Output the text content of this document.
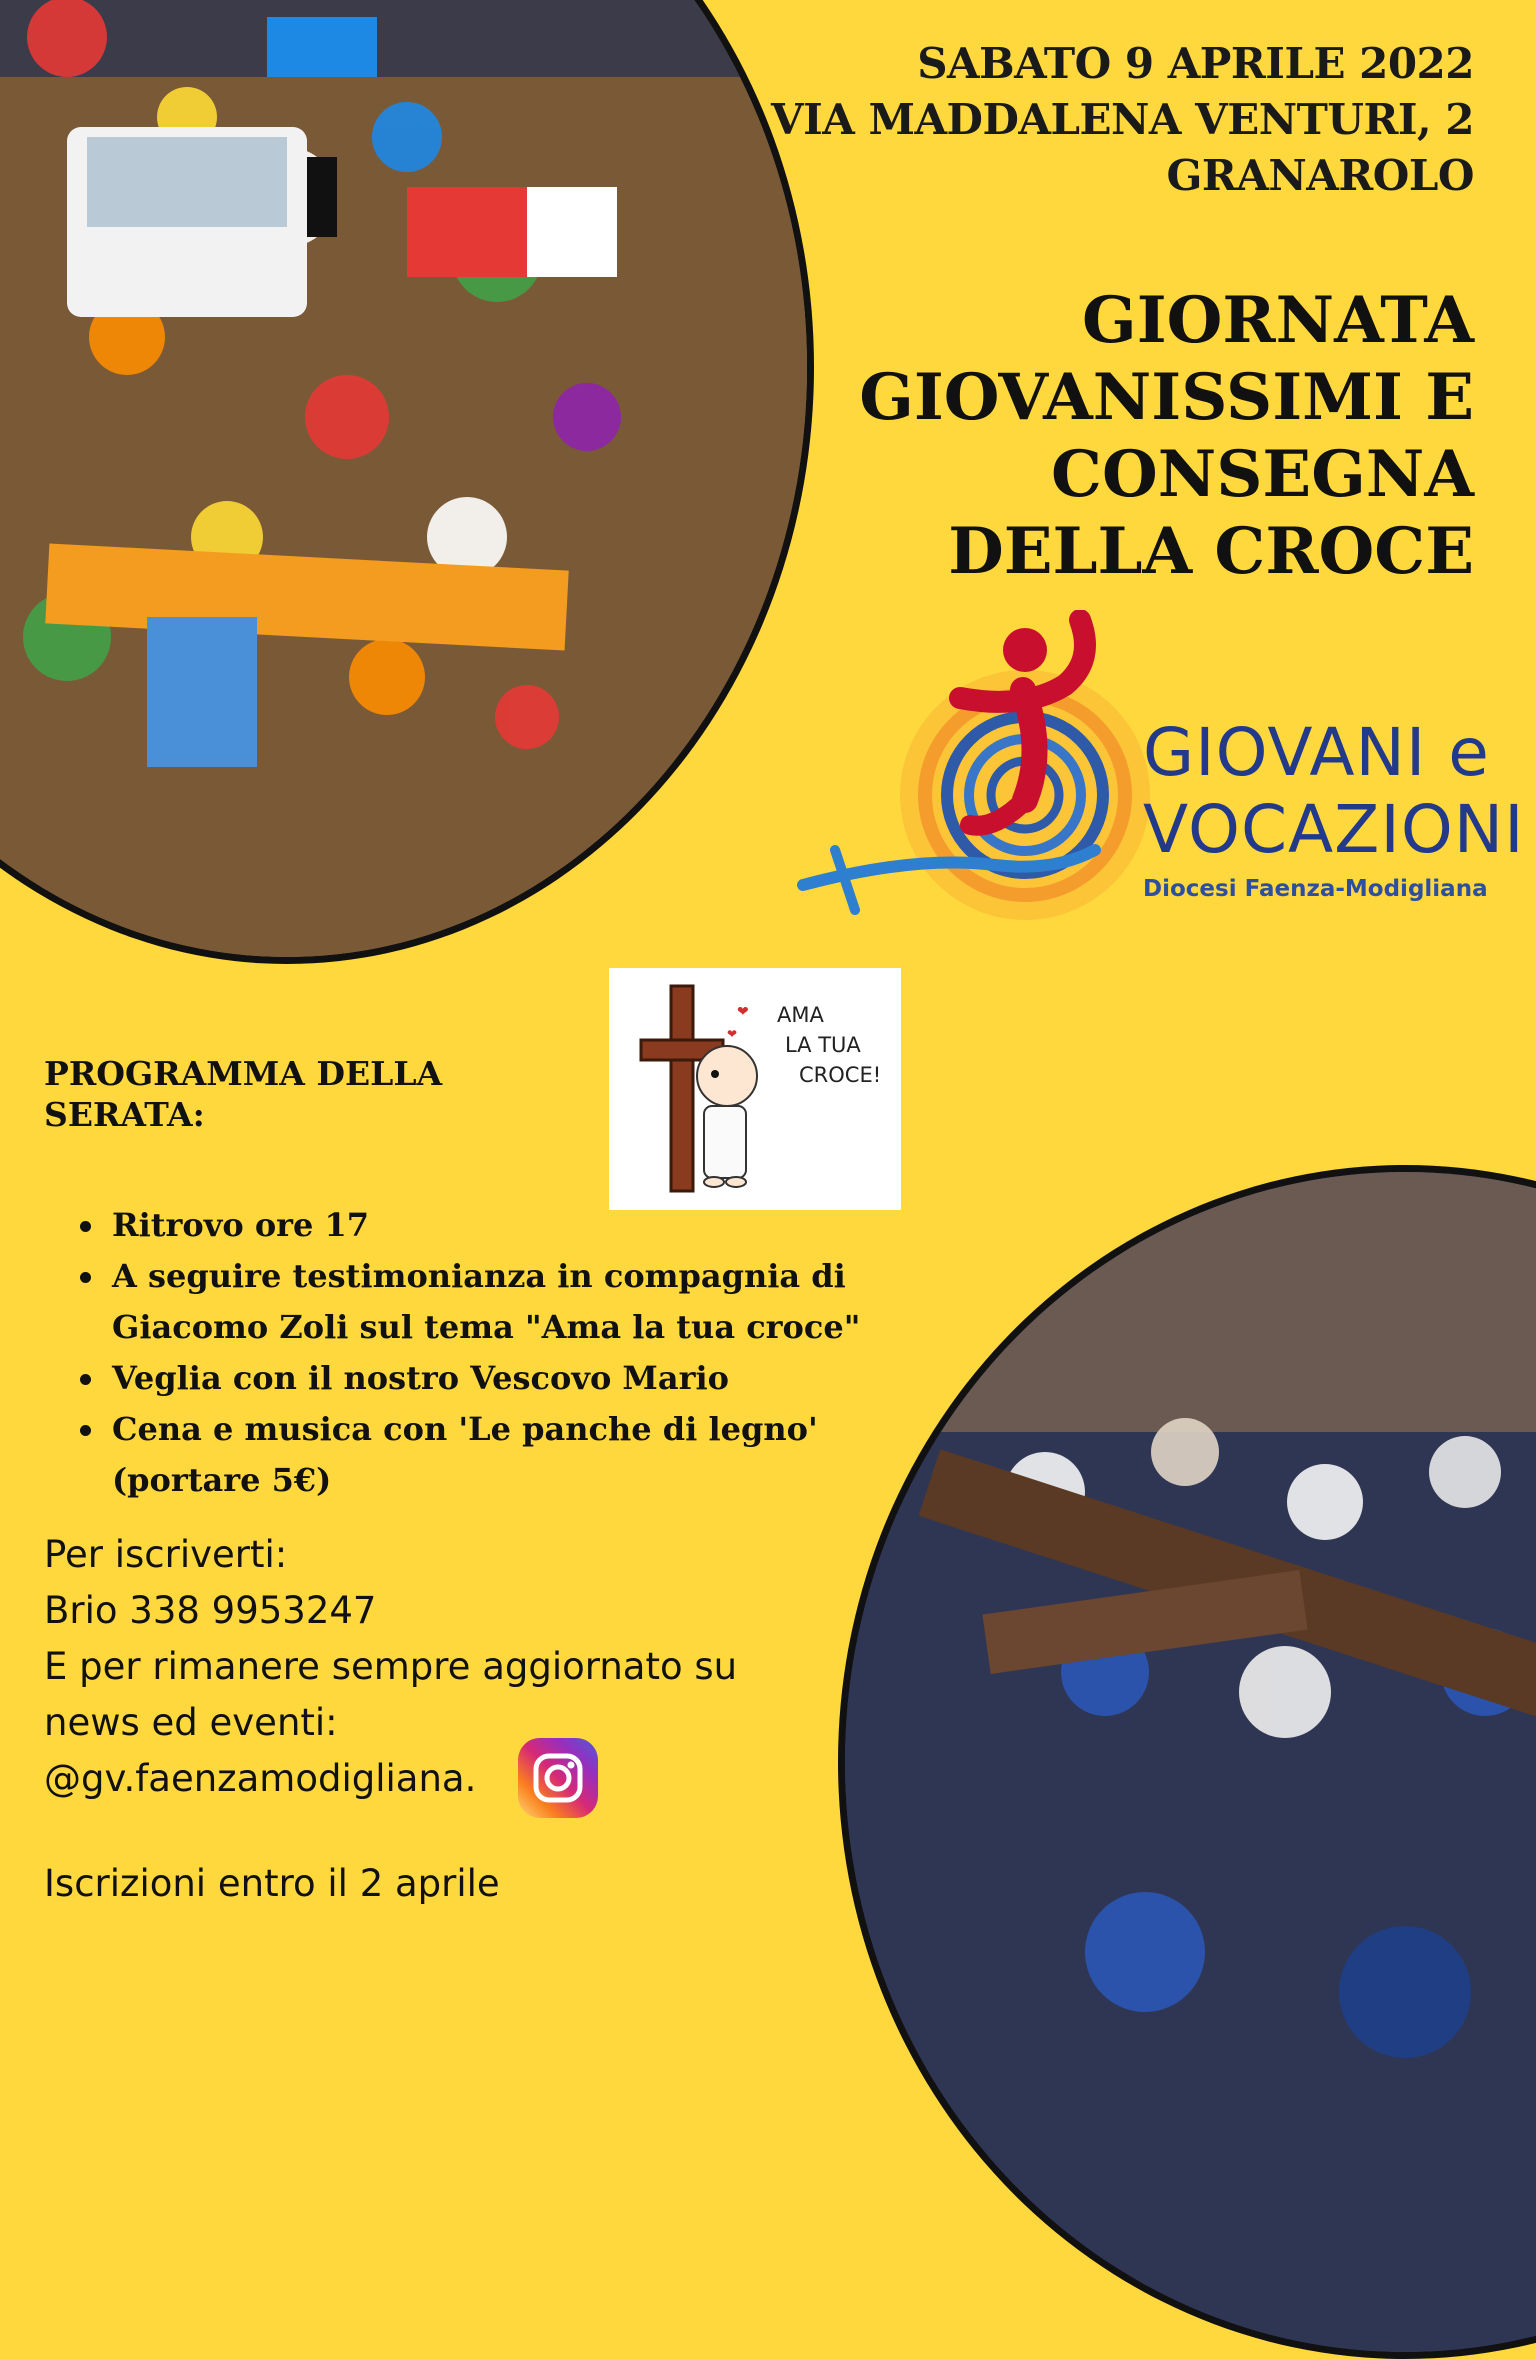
SABATO 9 APRILE 2022
VIA MADDALENA VENTURI, 2
GRANAROLO
GIORNATA
GIOVANISSIMI E
CONSEGNA
DELLA CROCE
GIOVANI e
VOCAZIONI
Diocesi Faenza-Modigliana
❤
❤
AMA
LA TUA
CROCE!
PROGRAMMA DELLA SERATA:
Ritrovo ore 17
A seguire testimonianza in compagnia di Giacomo Zoli sul tema "Ama la tua croce"
Veglia con il nostro Vescovo Mario
Cena e musica con 'Le panche di legno' (portare 5€)
Per iscriverti:
Brio 338 9953247
E per rimanere sempre aggiornato su
news ed eventi:
@gv.faenzamodigliana.
Iscrizioni entro il 2 aprile
